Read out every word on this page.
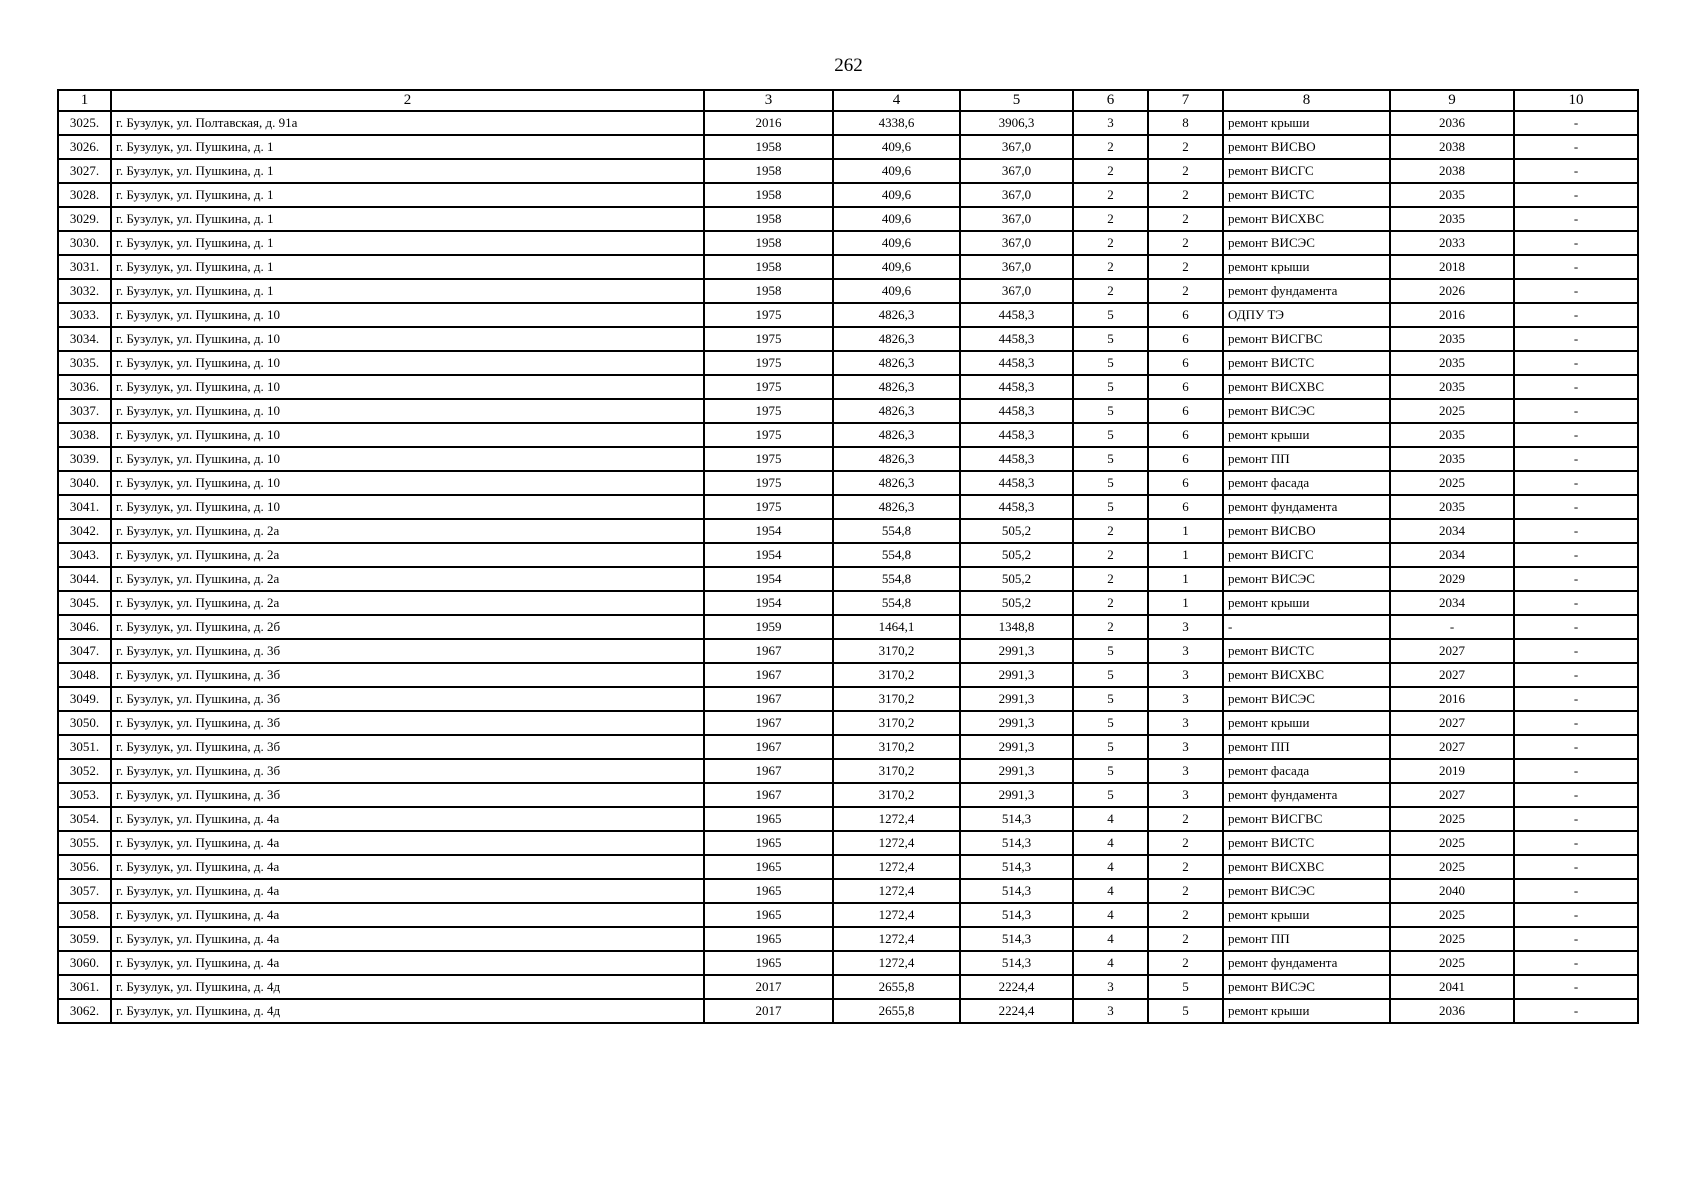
262
1	2	3	4	5	6	7	8	9	10
3025.	г. Бузулук, ул. Полтавская, д. 91а	2016	4338,6	3906,3	3	8	ремонт крыши	2036	-
3026.	г. Бузулук, ул. Пушкина, д. 1	1958	409,6	367,0	2	2	ремонт ВИСВО	2038	-
3027.	г. Бузулук, ул. Пушкина, д. 1	1958	409,6	367,0	2	2	ремонт ВИСГС	2038	-
3028.	г. Бузулук, ул. Пушкина, д. 1	1958	409,6	367,0	2	2	ремонт ВИСТС	2035	-
3029.	г. Бузулук, ул. Пушкина, д. 1	1958	409,6	367,0	2	2	ремонт ВИСХВС	2035	-
3030.	г. Бузулук, ул. Пушкина, д. 1	1958	409,6	367,0	2	2	ремонт ВИСЭС	2033	-
3031.	г. Бузулук, ул. Пушкина, д. 1	1958	409,6	367,0	2	2	ремонт крыши	2018	-
3032.	г. Бузулук, ул. Пушкина, д. 1	1958	409,6	367,0	2	2	ремонт фундамента	2026	-
3033.	г. Бузулук, ул. Пушкина, д. 10	1975	4826,3	4458,3	5	6	ОДПУ ТЭ	2016	-
3034.	г. Бузулук, ул. Пушкина, д. 10	1975	4826,3	4458,3	5	6	ремонт ВИСГВС	2035	-
3035.	г. Бузулук, ул. Пушкина, д. 10	1975	4826,3	4458,3	5	6	ремонт ВИСТС	2035	-
3036.	г. Бузулук, ул. Пушкина, д. 10	1975	4826,3	4458,3	5	6	ремонт ВИСХВС	2035	-
3037.	г. Бузулук, ул. Пушкина, д. 10	1975	4826,3	4458,3	5	6	ремонт ВИСЭС	2025	-
3038.	г. Бузулук, ул. Пушкина, д. 10	1975	4826,3	4458,3	5	6	ремонт крыши	2035	-
3039.	г. Бузулук, ул. Пушкина, д. 10	1975	4826,3	4458,3	5	6	ремонт ПП	2035	-
3040.	г. Бузулук, ул. Пушкина, д. 10	1975	4826,3	4458,3	5	6	ремонт фасада	2025	-
3041.	г. Бузулук, ул. Пушкина, д. 10	1975	4826,3	4458,3	5	6	ремонт фундамента	2035	-
3042.	г. Бузулук, ул. Пушкина, д. 2а	1954	554,8	505,2	2	1	ремонт ВИСВО	2034	-
3043.	г. Бузулук, ул. Пушкина, д. 2а	1954	554,8	505,2	2	1	ремонт ВИСГС	2034	-
3044.	г. Бузулук, ул. Пушкина, д. 2а	1954	554,8	505,2	2	1	ремонт ВИСЭС	2029	-
3045.	г. Бузулук, ул. Пушкина, д. 2а	1954	554,8	505,2	2	1	ремонт крыши	2034	-
3046.	г. Бузулук, ул. Пушкина, д. 2б	1959	1464,1	1348,8	2	3	-	-	-
3047.	г. Бузулук, ул. Пушкина, д. 3б	1967	3170,2	2991,3	5	3	ремонт ВИСТС	2027	-
3048.	г. Бузулук, ул. Пушкина, д. 3б	1967	3170,2	2991,3	5	3	ремонт ВИСХВС	2027	-
3049.	г. Бузулук, ул. Пушкина, д. 3б	1967	3170,2	2991,3	5	3	ремонт ВИСЭС	2016	-
3050.	г. Бузулук, ул. Пушкина, д. 3б	1967	3170,2	2991,3	5	3	ремонт крыши	2027	-
3051.	г. Бузулук, ул. Пушкина, д. 3б	1967	3170,2	2991,3	5	3	ремонт ПП	2027	-
3052.	г. Бузулук, ул. Пушкина, д. 3б	1967	3170,2	2991,3	5	3	ремонт фасада	2019	-
3053.	г. Бузулук, ул. Пушкина, д. 3б	1967	3170,2	2991,3	5	3	ремонт фундамента	2027	-
3054.	г. Бузулук, ул. Пушкина, д. 4а	1965	1272,4	514,3	4	2	ремонт ВИСГВС	2025	-
3055.	г. Бузулук, ул. Пушкина, д. 4а	1965	1272,4	514,3	4	2	ремонт ВИСТС	2025	-
3056.	г. Бузулук, ул. Пушкина, д. 4а	1965	1272,4	514,3	4	2	ремонт ВИСХВС	2025	-
3057.	г. Бузулук, ул. Пушкина, д. 4а	1965	1272,4	514,3	4	2	ремонт ВИСЭС	2040	-
3058.	г. Бузулук, ул. Пушкина, д. 4а	1965	1272,4	514,3	4	2	ремонт крыши	2025	-
3059.	г. Бузулук, ул. Пушкина, д. 4а	1965	1272,4	514,3	4	2	ремонт ПП	2025	-
3060.	г. Бузулук, ул. Пушкина, д. 4а	1965	1272,4	514,3	4	2	ремонт фундамента	2025	-
3061.	г. Бузулук, ул. Пушкина, д. 4д	2017	2655,8	2224,4	3	5	ремонт ВИСЭС	2041	-
3062.	г. Бузулук, ул. Пушкина, д. 4д	2017	2655,8	2224,4	3	5	ремонт крыши	2036	-
